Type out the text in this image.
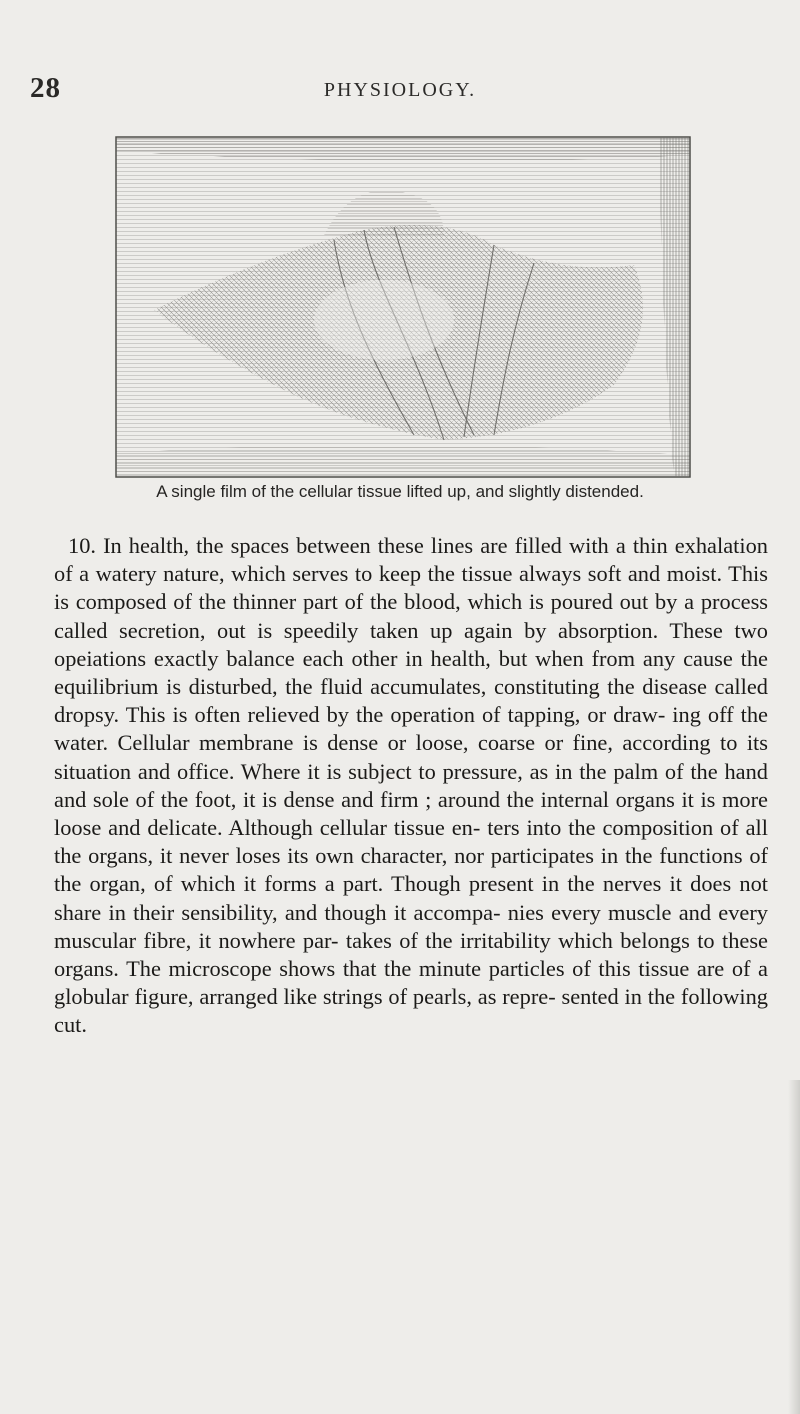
28	PHYSIOLOGY.
A single film of the cellular tissue lifted up, and slightly distended.
10. In health, the spaces between these lines are filled with a thin exhalation of a watery nature, which serves to keep the tissue always soft and moist. This is composed of the thinner part of the blood, which is poured out by a process called secretion, out is speedily taken up again by absorption. These two opeiations exactly balance each other in health, but when from any cause the equilibrium is disturbed, the fluid accumulates, constituting the disease called dropsy. This is often relieved by the operation of tapping, or draw- ing off the water. Cellular membrane is dense or loose, coarse or fine, according to its situation and office. Where it is subject to pressure, as in the palm of the hand and sole of the foot, it is dense and firm ; around the internal organs it is more loose and delicate. Although cellular tissue en- ters into the composition of all the organs, it never loses its own character, nor participates in the functions of the organ, of which it forms a part. Though present in the nerves it does not share in their sensibility, and though it accompa- nies every muscle and every muscular fibre, it nowhere par- takes of the irritability which belongs to these organs. The microscope shows that the minute particles of this tissue are of a globular figure, arranged like strings of pearls, as repre- sented in the following cut.
